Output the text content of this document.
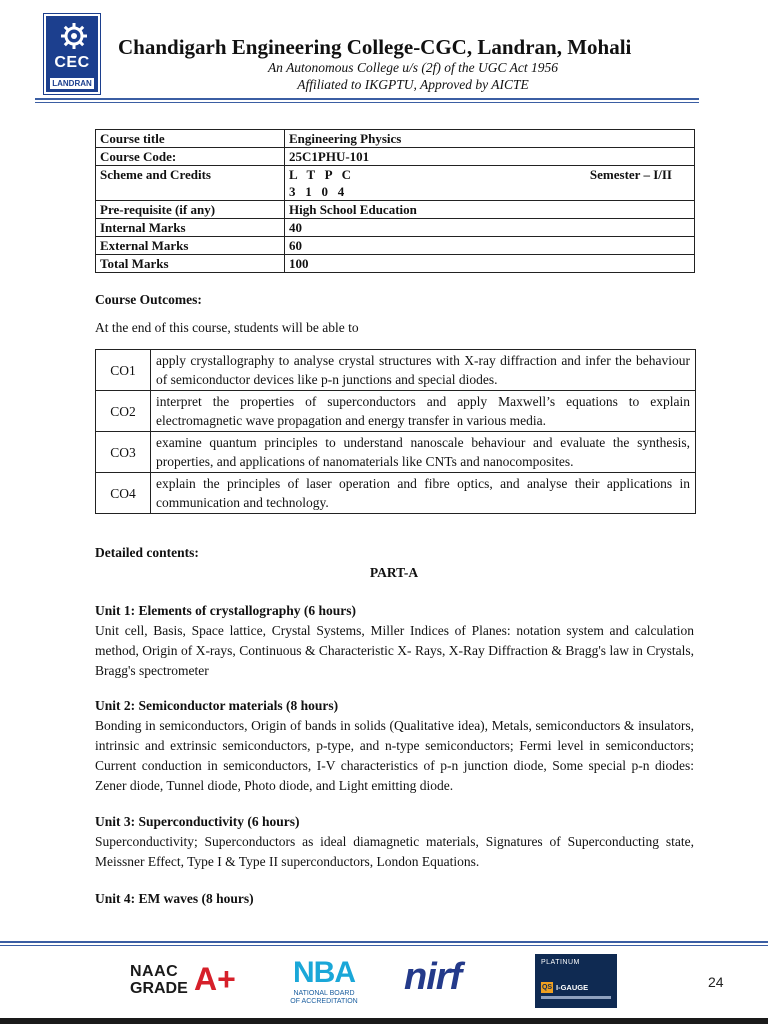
CEC
LANDRAN
Chandigarh Engineering College-CGC, Landran, Mohali
An Autonomous College u/s (2f) of the UGC Act 1956
Affiliated to IKGPTU, Approved by AICTE
Course title	Engineering Physics
Course Code:	25C1PHU-101
Scheme and Credits	Semester – I/II
L   T   P   C
3   1   0   4

Pre-requisite (if any)	High School Education
Internal Marks	40
External Marks	60
Total Marks	100
Course Outcomes:
At the end of this course, students will be able to
CO1	apply crystallography to analyse crystal structures with X-ray diffraction and infer the behaviour of semiconductor devices like p-n junctions and special diodes.
CO2	interpret the properties of superconductors and apply Maxwell’s equations to explain electromagnetic wave propagation and energy transfer in various media.
CO3	examine quantum principles to understand nanoscale behaviour and evaluate the synthesis, properties, and applications of nanomaterials like CNTs and nanocomposites.
CO4	explain the principles of laser operation and fibre optics, and analyse their applications in communication and technology.
Detailed contents:
PART-A
Unit 1: Elements of crystallography (6 hours)
Unit cell, Basis, Space lattice, Crystal Systems, Miller Indices of Planes: notation system and calculation method, Origin of X-rays, Continuous & Characteristic X- Rays, X-Ray Diffraction & Bragg's law in Crystals, Bragg's spectrometer
Unit 2: Semiconductor materials (8 hours)
Bonding in semiconductors, Origin of bands in solids (Qualitative idea), Metals, semiconductors & insulators, intrinsic and extrinsic semiconductors, p-type, and n-type semiconductors; Fermi level in semiconductors; Current conduction in semiconductors, I-V characteristics of p-n junction diode, Some special p-n diodes: Zener diode, Tunnel diode, Photo diode, and Light emitting diode.
Unit 3: Superconductivity (6 hours)
Superconductivity; Superconductors as ideal diamagnetic materials, Signatures of Superconducting state, Meissner Effect, Type I & Type II superconductors, London Equations.
Unit 4: EM waves (8 hours)
NAAC
GRADE A+ NBA
NATIONAL BOARD OF ACCREDITATION
nirf	PLATINUM
QS I-GAUGE	24
